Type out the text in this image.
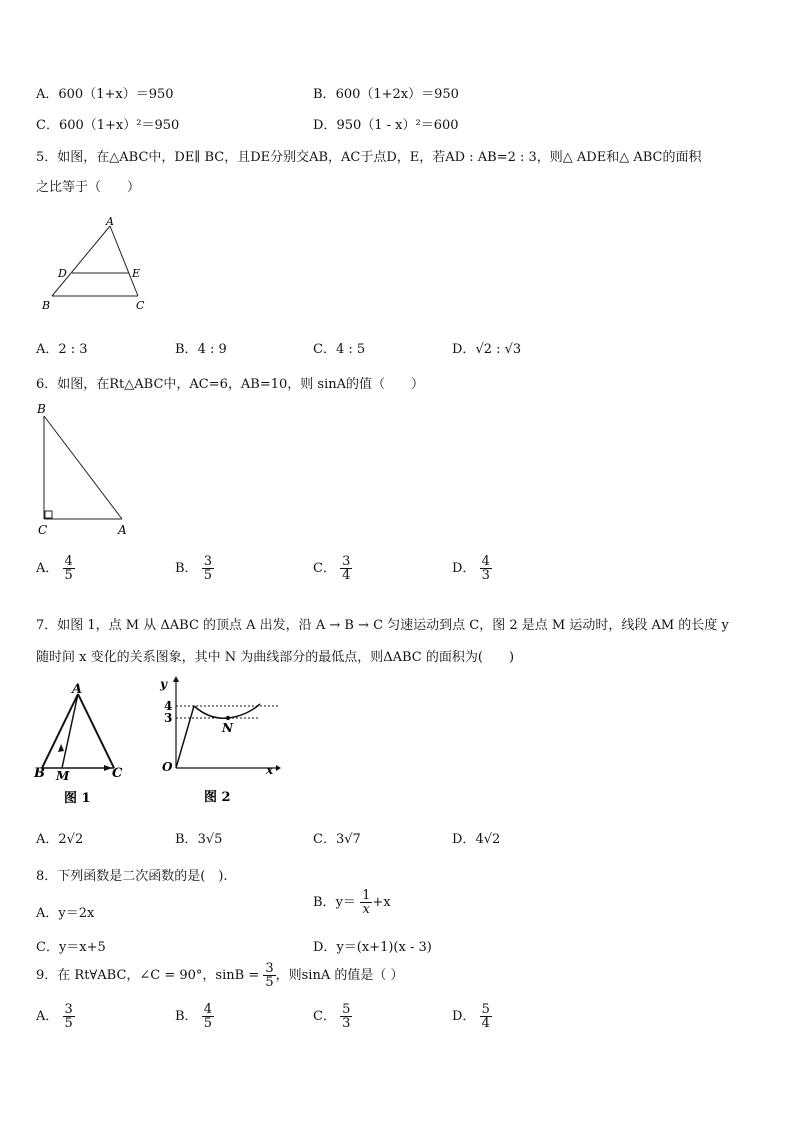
A．600（1+x）＝950	B．600（1+2x）＝950
C．600（1+x）²＝950	D．950（1 - x）²＝600
5．如图，在△ABC中，DE∥ BC，且DE分别交AB，AC于点D，E，若AD : AB=2 : 3，则△ ADE和△ ABC的面积
之比等于（　　）
A
D	E
B	C
A．2 : 3	B．4 : 9	C．4 : 5	D．√2 : √3
6．如图，在Rt△ABC中，AC=6，AB=10，则 sinA的值（　　）
B
C	A
A． $\frac{4}{5}$	B． $\frac{3}{5}$	C． $\frac{3}{4}$	D． $\frac{4}{3}$
7．如图 1，点 M 从 ΔABC 的顶点 A 出发，沿 A → B → C 匀速运动到点 C，图 2 是点 M 运动时，线段 AM 的长度 y
随时间 x 变化的关系图象，其中 N 为曲线部分的最低点，则ΔABC 的面积为(　　)
A
B M	C
图 1
y
4
3
N
O	x
图 2
A．2√2	B．3√5	C．3√7	D．4√2
8．下列函数是二次函数的是(　).
A．y＝2x
B．$y= \frac{1}{x} +x$
C．y＝x+5	D．y＝(x+1)(x - 3)
9．在 Rt∀ABC，∠C = 90°，$\sin B = \frac{3}{5}$ ，则sinA 的值是（ ）
A． $\frac{3}{5}$	B． $\frac{4}{5}$	C． $\frac{5}{3}$	D． $\frac{5}{4}$
